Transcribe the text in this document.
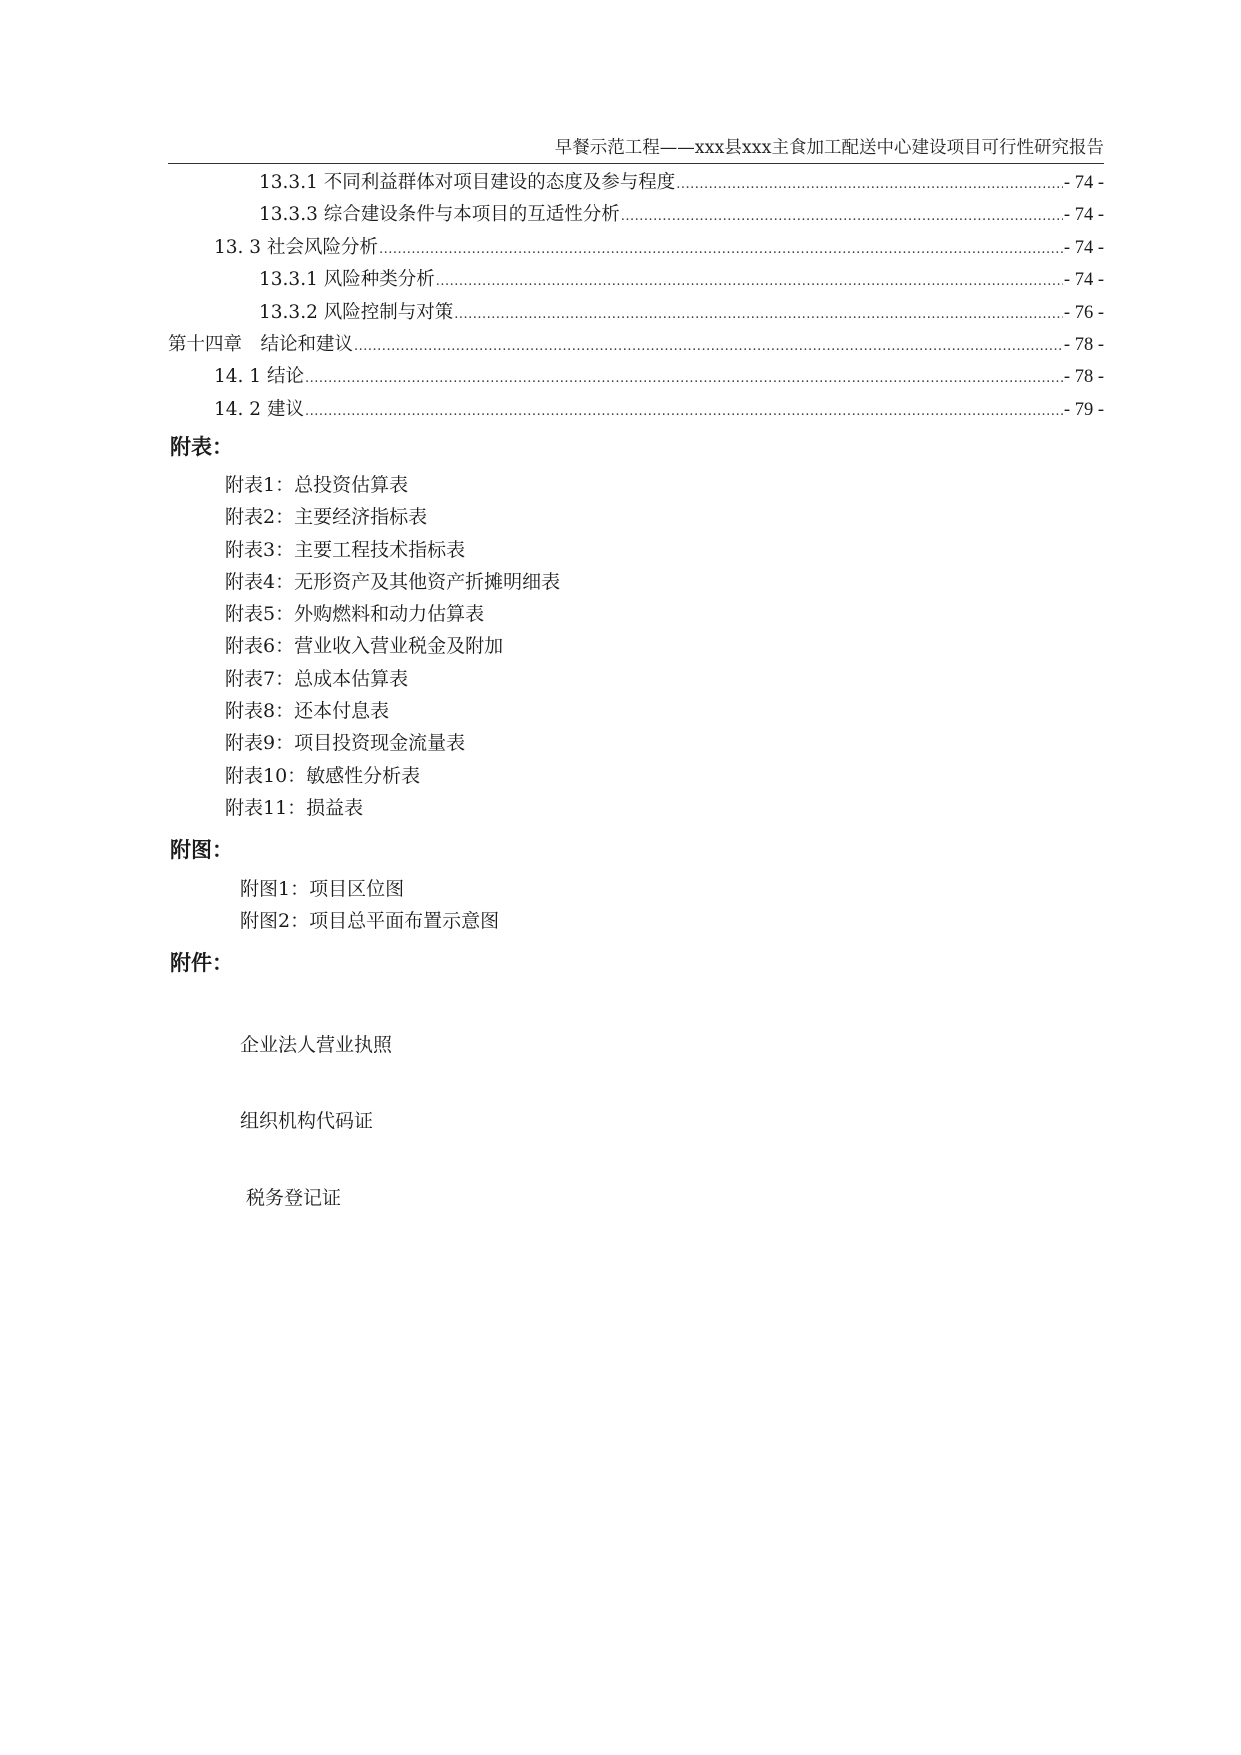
早餐示范工程——xxx县xxx主食加工配送中心建设项目可行性研究报告
13.3.1 不同利益群体对项目建设的态度及参与程度 .....	- 74 -
13.3.3 综合建设条件与本项目的互适性分析 .....	- 74 -
13. 3 社会风险分析 .....	- 74 -
13.3.1 风险种类分析 .....	- 74 -
13.3.2 风险控制与对策 .....	- 76 -
第十四章　结论和建议 .....	- 78 -
14. 1 结论 .....	- 78 -
14. 2 建议 .....	- 79 -
附表：
附表1：总投资估算表
附表2：主要经济指标表
附表3：主要工程技术指标表
附表4：无形资产及其他资产折摊明细表
附表5：外购燃料和动力估算表
附表6：营业收入营业税金及附加
附表7：总成本估算表
附表8：还本付息表
附表9：项目投资现金流量表
附表10：敏感性分析表
附表11：损益表
附图：
附图1：项目区位图
附图2：项目总平面布置示意图
附件：

企业法人营业执照

组织机构代码证

税务登记证
